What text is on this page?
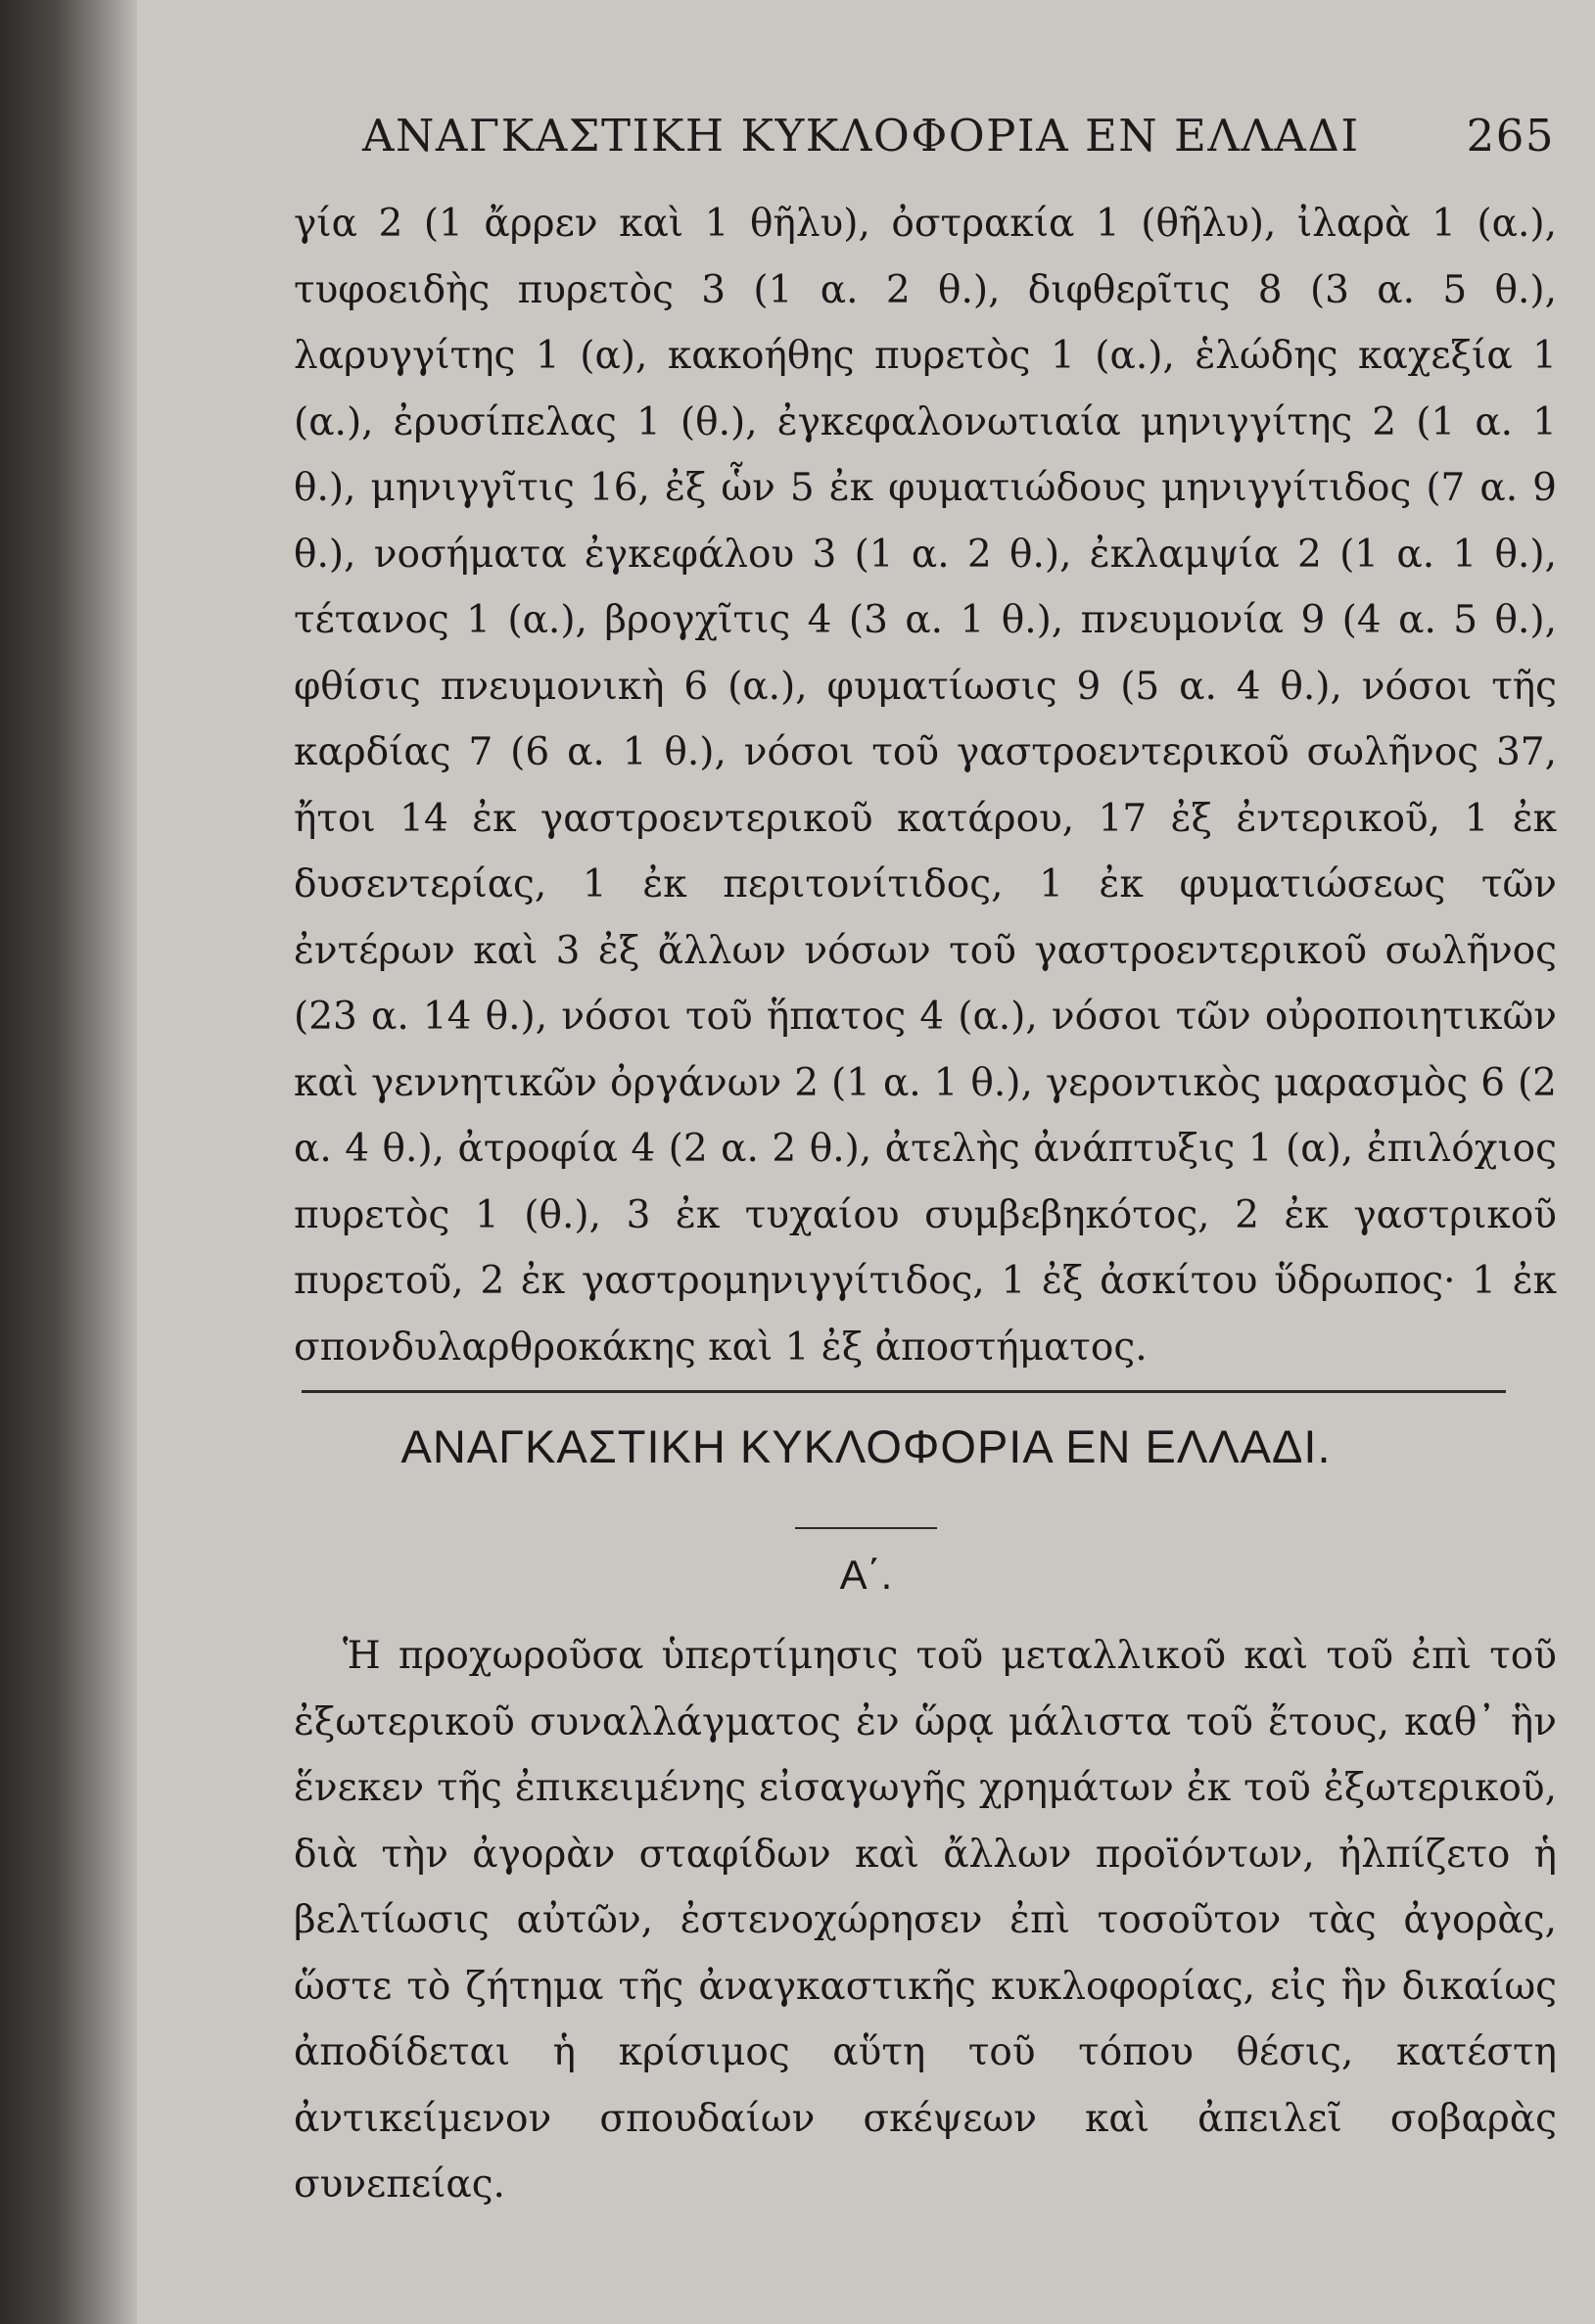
ΑΝΑΓΚΑΣΤΙΚΗ ΚΥΚΛΟΦΟΡΙΑ ΕΝ ΕΛΛΑΔΙ 265

γία 2 (1 ἄρρεν καὶ 1 θῆλυ), ὀστρακία 1 (θῆλυ), ἰλαρὰ 1 (α.), τυφοειδὴς πυρετὸς 3 (1 α. 2 θ.), διφθερῖτις 8 (3 α. 5 θ.), λαρυγγίτης 1 (α), κακοήθης πυρετὸς 1 (α.), ἑλώδης καχεξία 1 (α.), ἐρυσίπελας 1 (θ.), ἐγκεφαλονωτιαία μηνιγγίτης 2 (1 α. 1 θ.), μηνιγγῖτις 16, ἐξ ὧν 5 ἐκ φυματιώδους μηνιγγίτιδος (7 α. 9 θ.), νοσήματα ἐγκεφάλου 3 (1 α. 2 θ.), ἐκλαμψία 2 (1 α. 1 θ.), τέτανος 1 (α.), βρογχῖτις 4 (3 α. 1 θ.), πνευμονία 9 (4 α. 5 θ.), φθίσις πνευμονικὴ 6 (α.), φυματίωσις 9 (5 α. 4 θ.), νόσοι τῆς καρδίας 7 (6 α. 1 θ.), νόσοι τοῦ γαστροεντερικοῦ σωλῆνος 37, ἤτοι 14 ἐκ γαστροεντερικοῦ κατάρου, 17 ἐξ ἐντερικοῦ, 1 ἐκ δυσεντερίας, 1 ἐκ περιτονίτιδος, 1 ἐκ φυματιώσεως τῶν ἐντέρων καὶ 3 ἐξ ἄλλων νόσων τοῦ γαστροεντερικοῦ σωλῆνος (23 α. 14 θ.), νόσοι τοῦ ἥπατος 4 (α.), νόσοι τῶν οὐροποιητικῶν καὶ γεννητικῶν ὀργάνων 2 (1 α. 1 θ.), γεροντικὸς μαρασμὸς 6 (2 α. 4 θ.), ἀτροφία 4 (2 α. 2 θ.), ἀτελὴς ἀνάπτυξις 1 (α), ἐπιλόχιος πυρετὸς 1 (θ.), 3 ἐκ τυχαίου συμβεβηκότος, 2 ἐκ γαστρικοῦ πυρετοῦ, 2 ἐκ γαστρομηνιγγίτιδος, 1 ἐξ ἀσκίτου ὕδρωπος· 1 ἐκ σπονδυλαρθροκάκης καὶ 1 ἐξ ἀποστήματος.

ΑΝΑΓΚΑΣΤΙΚΗ ΚΥΚΛΟΦΟΡΙΑ ΕΝ ΕΛΛΑΔΙ.
Α΄.

Ἡ προχωροῦσα ὑπερτίμησις τοῦ μεταλλικοῦ καὶ τοῦ ἐπὶ τοῦ ἐξωτερικοῦ συναλλάγματος ἐν ὥρᾳ μάλιστα τοῦ ἔτους, καθ᾽ ἣν ἕνεκεν τῆς ἐπικειμένης εἰσαγωγῆς χρημάτων ἐκ τοῦ ἐξωτερικοῦ, διὰ τὴν ἀγορὰν σταφίδων καὶ ἄλλων προϊόντων, ἠλπίζετο ἡ βελτίωσις αὐτῶν, ἐστενοχώρησεν ἐπὶ τοσοῦτον τὰς ἀγορὰς, ὥστε τὸ ζήτημα τῆς ἀναγκαστικῆς κυκλοφορίας, εἰς ἣν δικαίως ἀποδίδεται ἡ κρίσιμος αὕτη τοῦ τόπου θέσις, κατέστη ἀντικείμενον σπουδαίων σκέψεων καὶ ἀπειλεῖ σοβαρὰς συνεπείας.
